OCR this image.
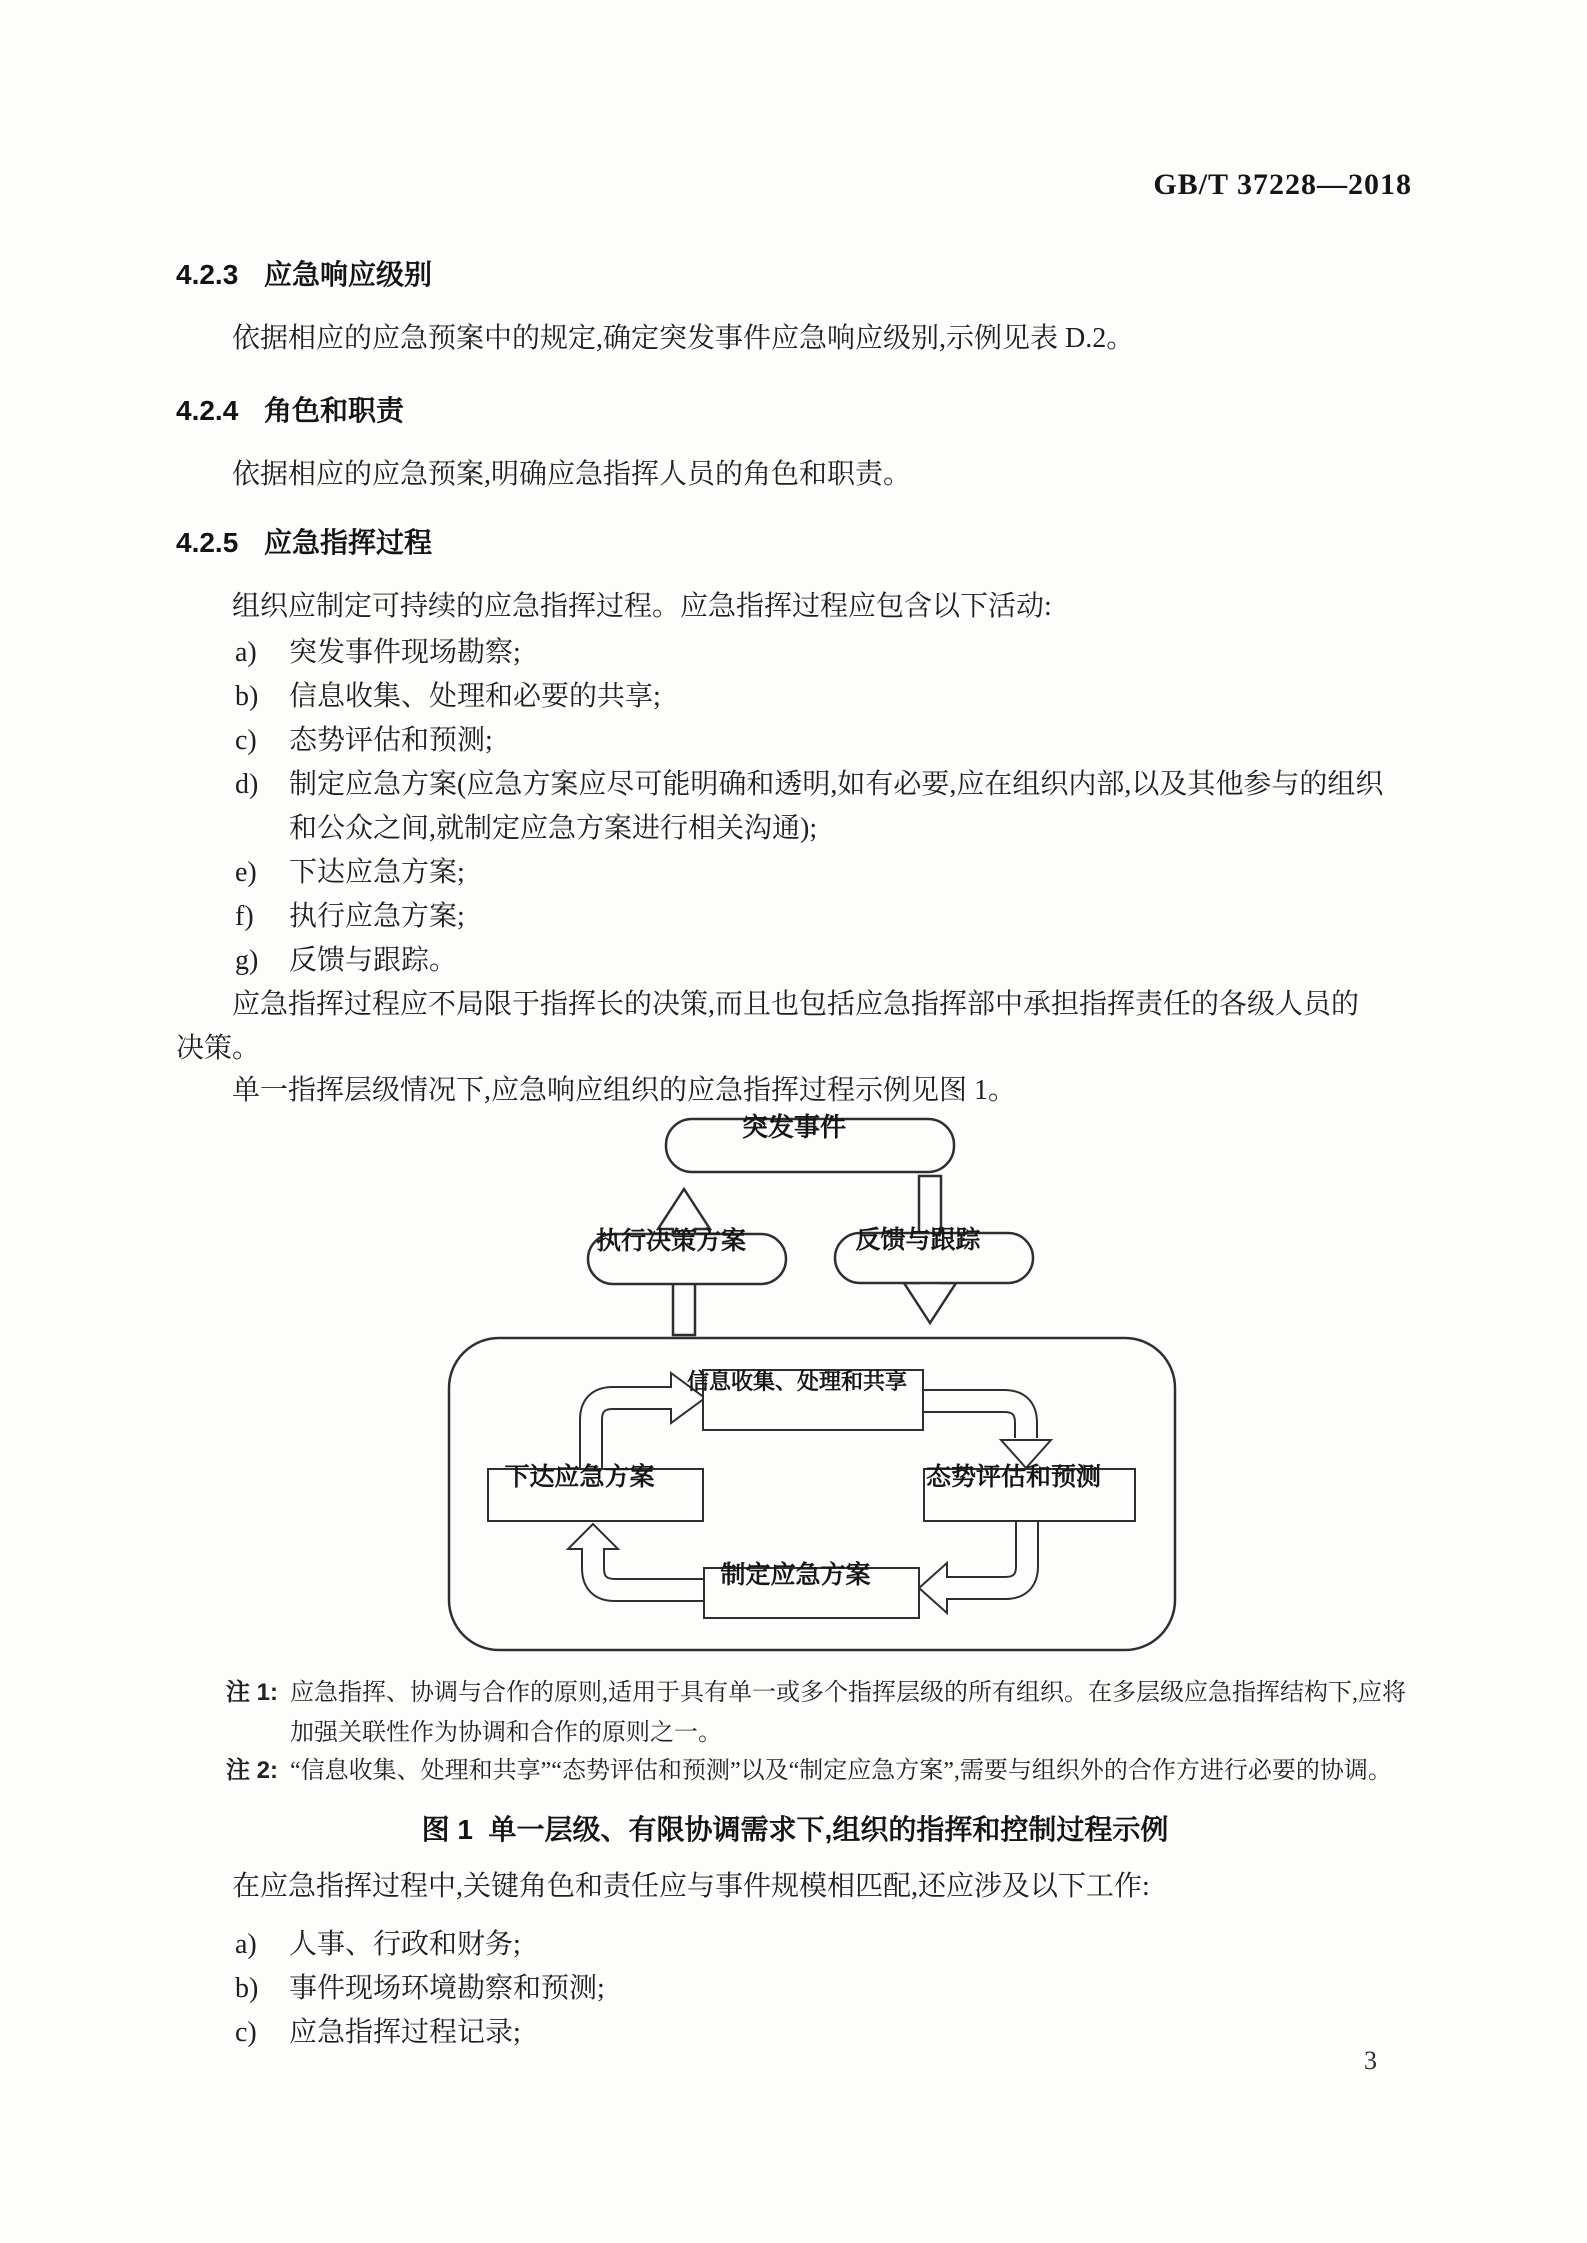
GB/T 37228—2018
4.2.3 应急响应级别
依据相应的应急预案中的规定,确定突发事件应急响应级别,示例见表 D.2。
4.2.4 角色和职责
依据相应的应急预案,明确应急指挥人员的角色和职责。
4.2.5 应急指挥过程
组织应制定可持续的应急指挥过程。应急指挥过程应包含以下活动:
a) 突发事件现场勘察;
b) 信息收集、处理和必要的共享;
c) 态势评估和预测;
d) 制定应急方案(应急方案应尽可能明确和透明,如有必要,应在组织内部,以及其他参与的组织
和公众之间,就制定应急方案进行相关沟通);
e) 下达应急方案;
f) 执行应急方案;
g) 反馈与跟踪。
应急指挥过程应不局限于指挥长的决策,而且也包括应急指挥部中承担指挥责任的各级人员的
决策。
单一指挥层级情况下,应急响应组织的应急指挥过程示例见图 1。

突发事件
执行决策方案	反馈与跟踪
信息收集、处理和共享
下达应急方案	态势评估和预测
制定应急方案
注 1: 应急指挥、协调与合作的原则,适用于具有单一或多个指挥层级的所有组织。在多层级应急指挥结构下,应将
加强关联性作为协调和合作的原则之一。
注 2: “信息收集、处理和共享”“态势评估和预测”以及“制定应急方案”,需要与组织外的合作方进行必要的协调。
图 1  单一层级、有限协调需求下,组织的指挥和控制过程示例
在应急指挥过程中,关键角色和责任应与事件规模相匹配,还应涉及以下工作:
a) 人事、行政和财务;
b) 事件现场环境勘察和预测;
c) 应急指挥过程记录;
3
